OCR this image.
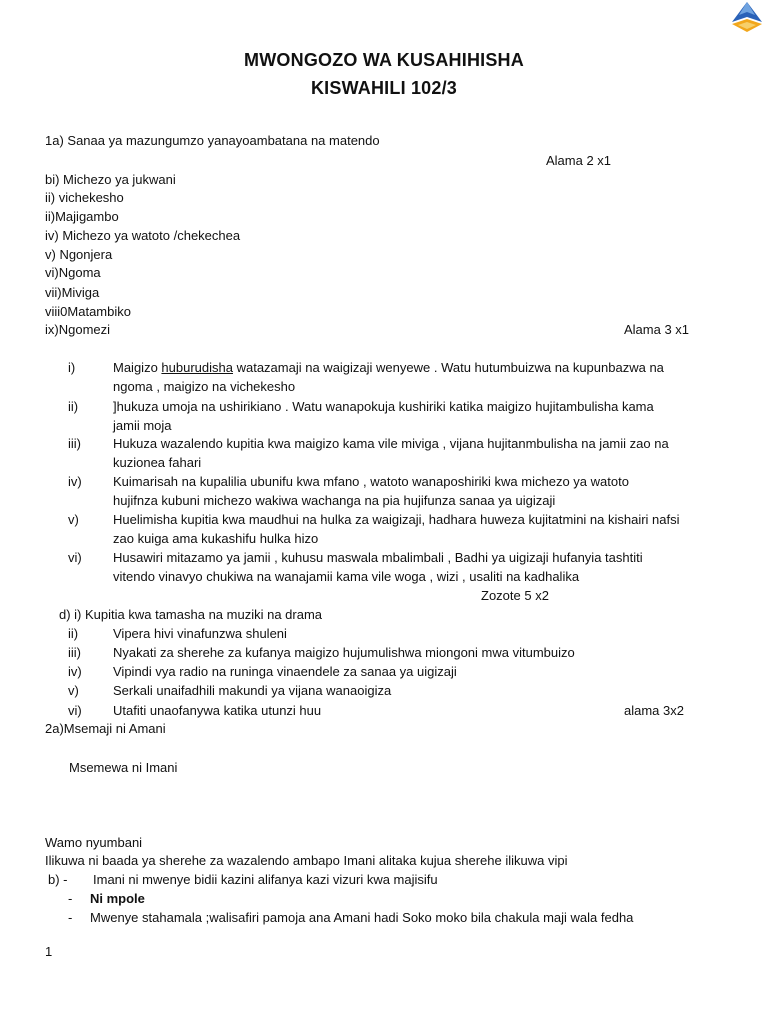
MWONGOZO WA KUSAHIHISHA
KISWAHILI 102/3
1a) Sanaa ya mazungumzo yanayoambatana na matendo
Alama 2 x1
bi) Michezo ya jukwani
ii) vichekesho
ii)Majigambo
iv) Michezo ya watoto /chekechea
v) Ngonjera
vi)Ngoma
vii)Miviga
viii0Matambiko
ix)Ngomezi	Alama 3 x1
i)	Maigizo huburudisha watazamaji na waigizaji wenyewe . Watu hutumbuizwa na kupunbazwa na
ngoma , maigizo na vichekesho
ii)	]hukuza umoja na ushirikiano . Watu wanapokuja kushiriki katika maigizo hujitambulisha kama
jamii moja
iii) Hukuza wazalendo kupitia kwa maigizo kama vile miviga , vijana hujitanmbulisha na jamii zao na
kuzionea fahari
iv) Kuimarisah na kupalilia ubunifu kwa mfano , watoto wanaposhiriki kwa michezo ya watoto
hujifnza kubuni michezo wakiwa wachanga na pia hujifunza sanaa ya uigizaji
v)	Huelimisha kupitia kwa maudhui na hulka za waigizaji, hadhara huweza kujitatmini na kishairi nafsi
zao kuiga ama kukashifu hulka hizo
vi) Husawiri mitazamo ya jamii , kuhusu maswala mbalimbali , Badhi ya uigizaji hufanyia tashtiti
vitendo vinavyo chukiwa na wanajamii kama vile woga , wizi , usaliti na kadhalika
Zozote 5 x2
d) i) Kupitia kwa tamasha na muziki na drama
ii)	Vipera hivi vinafunzwa shuleni
iii) Nyakati za sherehe za kufanya maigizo hujumulishwa miongoni mwa vitumbuizo
iv) Vipindi vya radio na runinga vinaendele za sanaa ya uigizaji
v)	Serkali unaifadhili makundi ya vijana wanaoigiza
vi) Utafiti unaofanywa katika utunzi huu	alama 3x2
2a)Msemaji ni Amani
Msemewa ni Imani
Wamo nyumbani
Ilikuwa ni baada ya sherehe za wazalendo ambapo Imani alitaka kujua sherehe ilikuwa vipi
b) - Imani ni mwenye bidii kazini alifanya kazi vizuri kwa majisifu
- Ni mpole
- Mwenye stahamala ;walisafiri pamoja ana Amani hadi Soko moko bila chakula maji wala fedha
1
